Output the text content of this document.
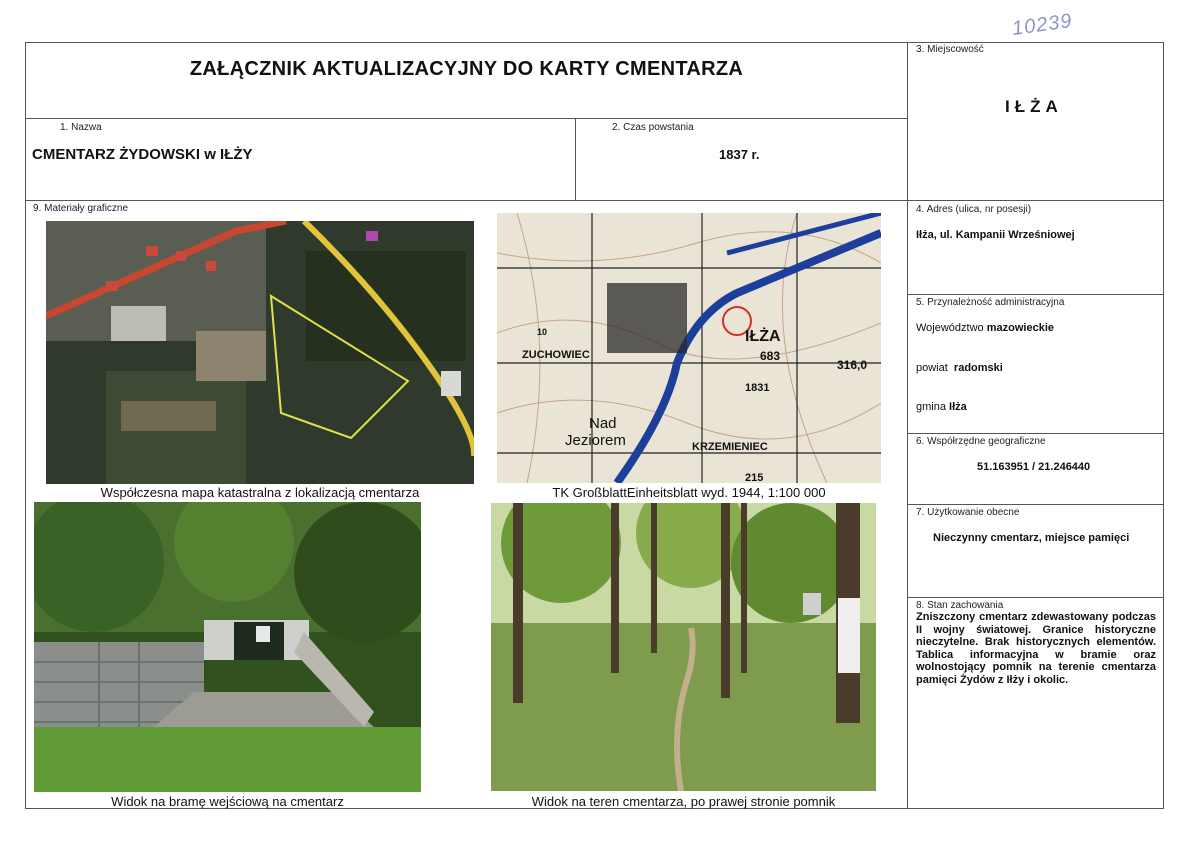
10239
ZAŁĄCZNIK AKTUALIZACYJNY DO KARTY CMENTARZA
1. Nazwa
CMENTARZ ŻYDOWSKI w IŁŻY
2. Czas powstania
1837 r.
3. Miejscowość
IŁŻA
4. Adres (ulica, nr posesji)
Iłża, ul. Kampanii Wrześniowej
5. Przynależność administracyjna
Województwo mazowieckie
powiat radomski
gmina Iłża
6. Współrzędne geograficzne
51.163951 / 21.246440
7. Użytkowanie obecne
Nieczynny cmentarz, miejsce pamięci
8. Stan zachowania
Zniszczony cmentarz zdewastowany podczas II wojny światowej. Granice historyczne nieczytelne. Brak historycznych elementów. Tablica informacyjna w bramie oraz wolnostojący pomnik na terenie cmentarza pamięci Żydów z Iłży i okolic.
9. Materiały graficzne
Współczesna mapa katastralna z lokalizacją cmentarza
IŁŻA
ZUCHOWIEC
Nad
Jeziorem	KRZEMIENIEC
683
1831
215
10
316,0
TK GroßblattEinheitsblatt wyd. 1944, 1:100 000
Widok na bramę wejściową na cmentarz	Widok na teren cmentarza, po prawej stronie pomnik
